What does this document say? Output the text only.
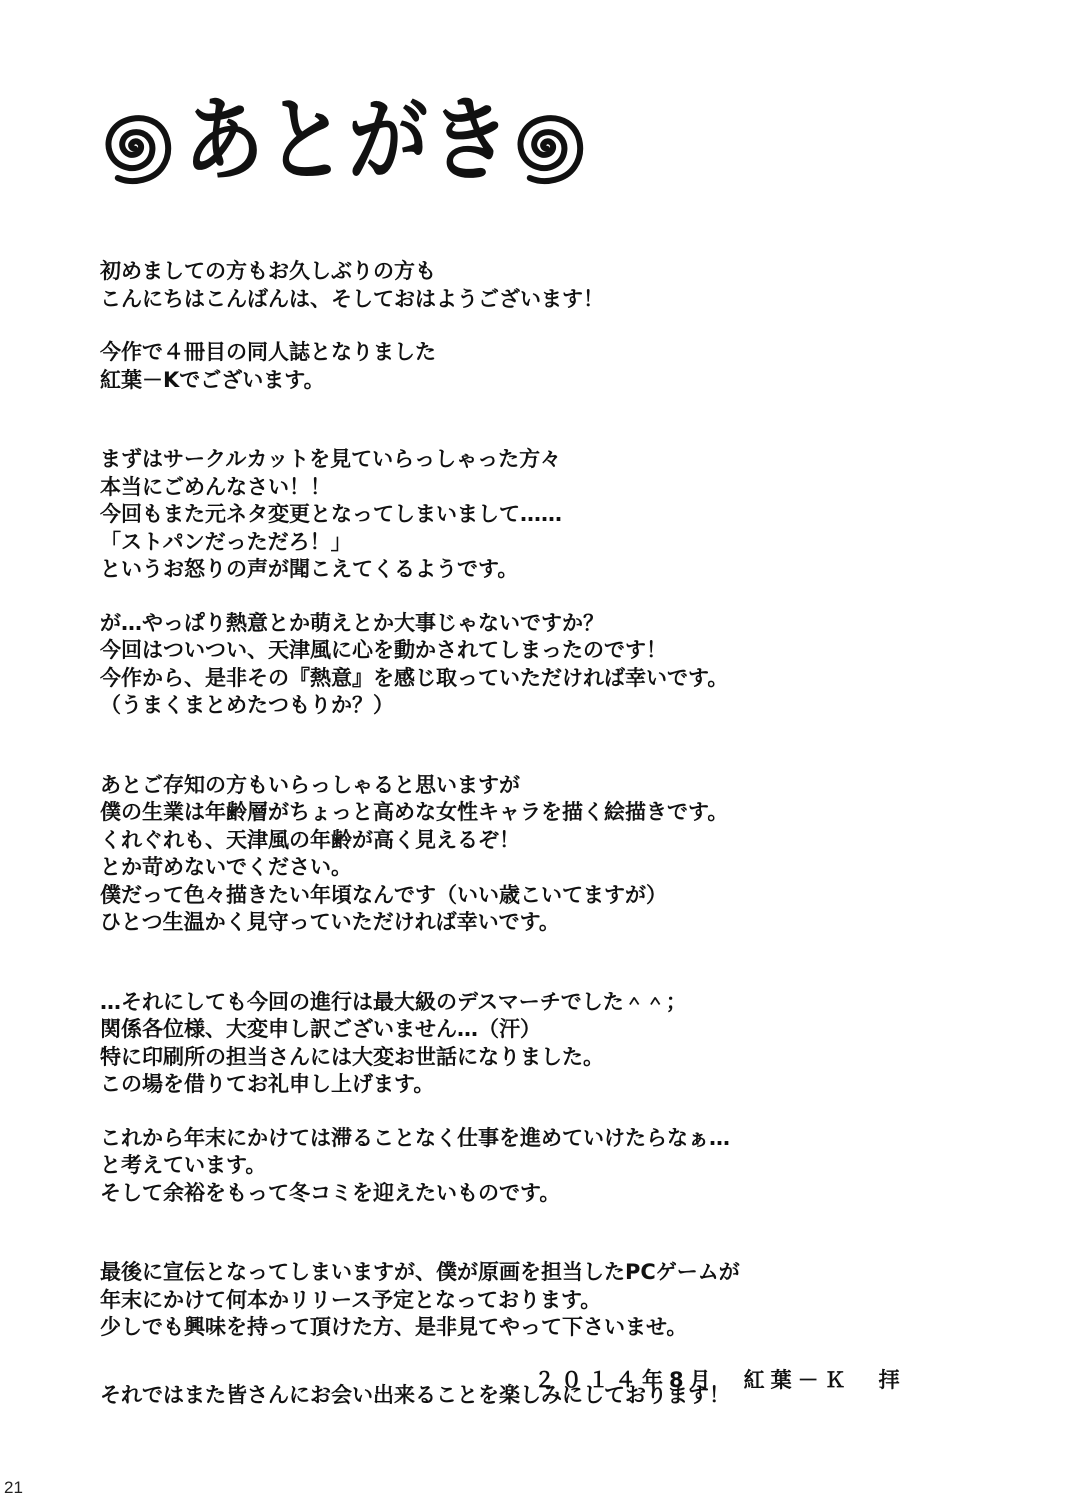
あとがき

初めましての方もお久しぶりの方も
こんにちはこんばんは、そしておはようございます！

今作で４冊目の同人誌となりました
紅葉－Kでございます。

まずはサークルカットを見ていらっしゃった方々
本当にごめんなさい！！
今回もまた元ネタ変更となってしまいまして……
「ストパンだっただろ！」
というお怒りの声が聞こえてくるようです。

が…やっぱり熱意とか萌えとか大事じゃないですか？
今回はついつい、天津風に心を動かされてしまったのです！
今作から、是非その『熱意』を感じ取っていただければ幸いです。
（うまくまとめたつもりか？）

あとご存知の方もいらっしゃると思いますが
僕の生業は年齢層がちょっと高めな女性キャラを描く絵描きです。
くれぐれも、天津風の年齢が高く見えるぞ！
とか苛めないでください。
僕だって色々描きたい年頃なんです（いい歳こいてますが）
ひとつ生温かく見守っていただければ幸いです。

…それにしても今回の進行は最大級のデスマーチでした＾＾；
関係各位様、大変申し訳ございません…（汗）
特に印刷所の担当さんには大変お世話になりました。
この場を借りてお礼申し上げます。

これから年末にかけては滞ることなく仕事を進めていけたらなぁ…
と考えています。
そして余裕をもって冬コミを迎えたいものです。

最後に宣伝となってしまいますが、僕が原画を担当したPCゲームが
年末にかけて何本かリリース予定となっております。
少しでも興味を持って頂けた方、是非見てやって下さいませ。

それではまた皆さんにお会い出来ることを楽しみにしております！

２０１４年8月　紅葉－Ｋ　拝
21
